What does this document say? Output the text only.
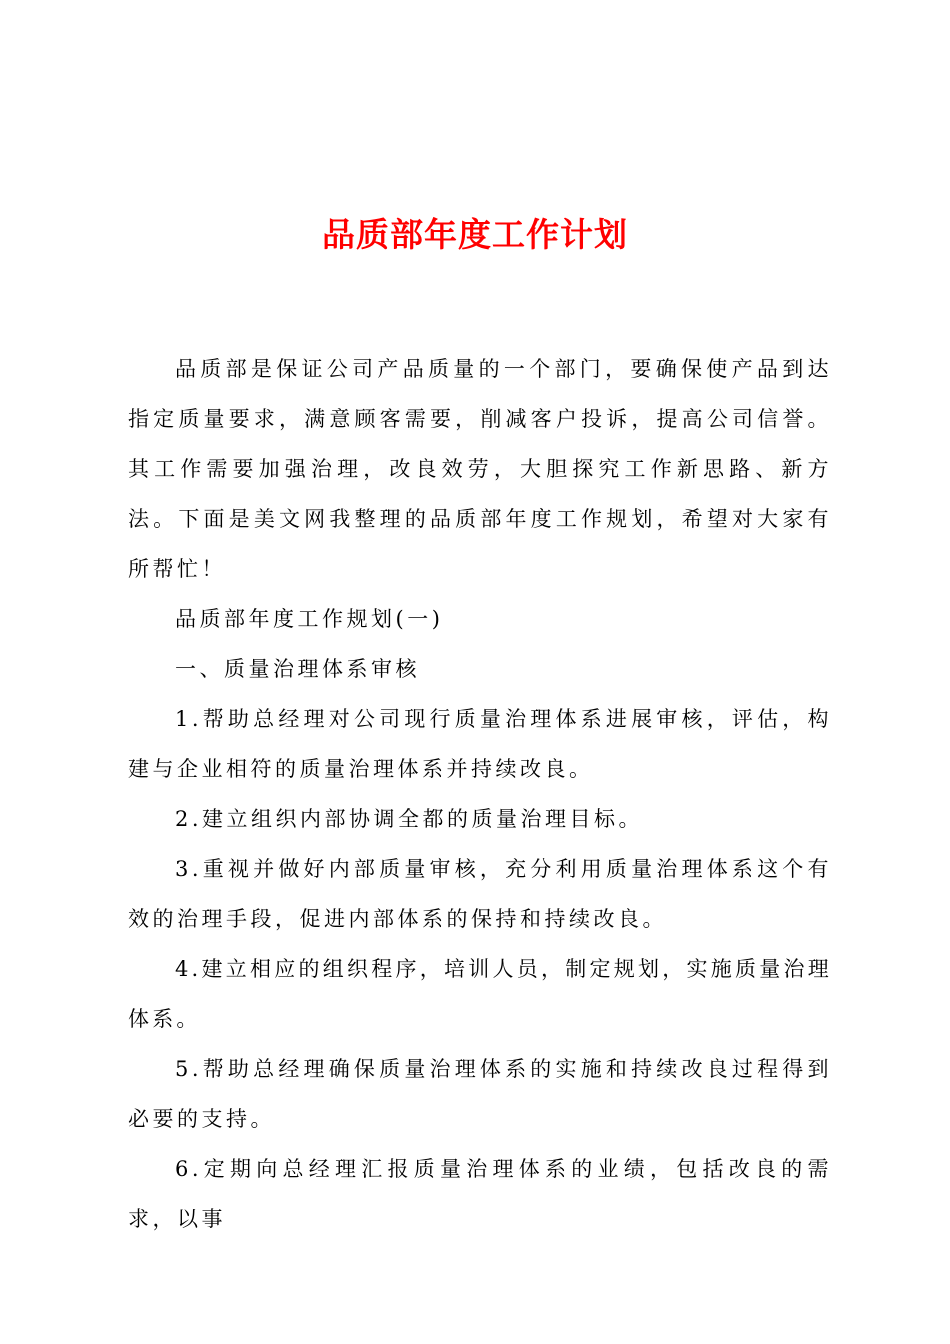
品质部年度工作计划

品质部是保证公司产品质量的一个部门，要确保使产品到达指定质量要求，满意顾客需要，削减客户投诉，提高公司信誉。其工作需要加强治理，改良效劳，大胆探究工作新思路、新方法。下面是美文网我整理的品质部年度工作规划，希望对大家有所帮忙！

品质部年度工作规划(一)

一、质量治理体系审核

1.帮助总经理对公司现行质量治理体系进展审核，评估，构建与企业相符的质量治理体系并持续改良。

2.建立组织内部协调全都的质量治理目标。

3.重视并做好内部质量审核，充分利用质量治理体系这个有效的治理手段，促进内部体系的保持和持续改良。

4.建立相应的组织程序，培训人员，制定规划，实施质量治理体系。

5.帮助总经理确保质量治理体系的实施和持续改良过程得到必要的支持。

6.定期向总经理汇报质量治理体系的业绩，包括改良的需求，以事
